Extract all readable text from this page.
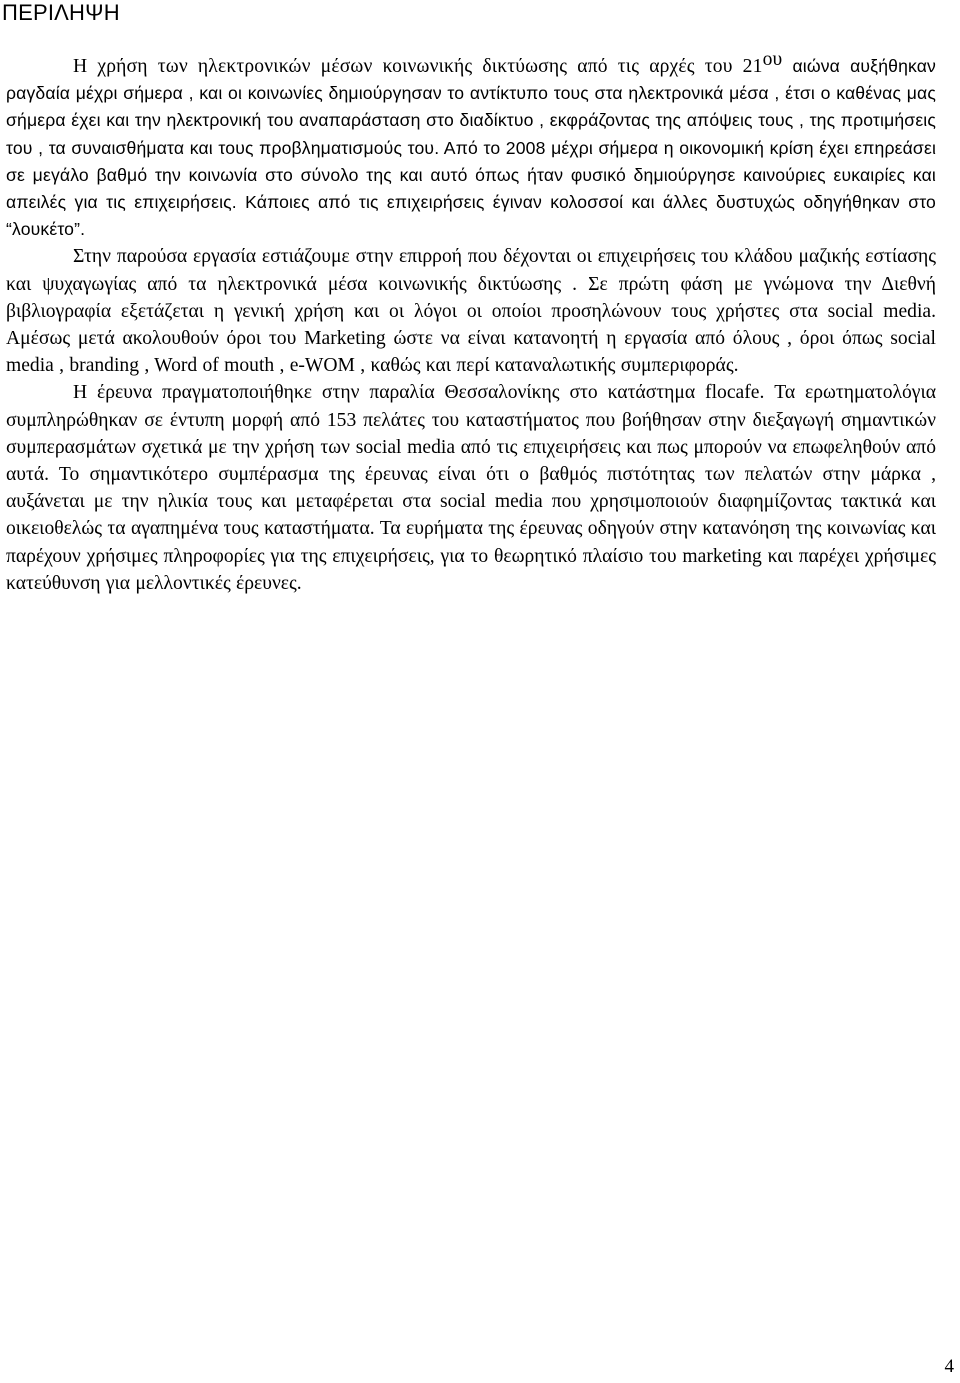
ΠΕΡΙΛΗΨΗ

Η χρήση των ηλεκτρονικών μέσων κοινωνικής δικτύωσης από τις αρχές του 21ου αιώνα αυξήθηκαν ραγδαία μέχρι σήμερα , και οι κοινωνίες δημιούργησαν το αντίκτυπο τους στα ηλεκτρονικά μέσα , έτσι ο καθένας μας σήμερα έχει και την ηλεκτρονική του αναπαράσταση στο διαδίκτυο , εκφράζοντας της απόψεις τους , της προτιμήσεις του , τα συναισθήματα και τους προβληματισμούς του. Από το 2008 μέχρι σήμερα η οικονομική κρίση έχει επηρεάσει σε μεγάλο βαθμό την κοινωνία στο σύνολο της και αυτό όπως ήταν φυσικό δημιούργησε καινούριες ευκαιρίες και απειλές για τις επιχειρήσεις. Κάποιες από τις επιχειρήσεις έγιναν κολοσσοί και άλλες δυστυχώς οδηγήθηκαν στο “λουκέτο”.

Στην παρούσα εργασία εστιάζουμε στην επιρροή που δέχονται οι επιχειρήσεις του κλάδου μαζικής εστίασης και ψυχαγωγίας από τα ηλεκτρονικά μέσα κοινωνικής δικτύωσης . Σε πρώτη φάση με γνώμονα την Διεθνή βιβλιογραφία εξετάζεται η γενική χρήση και οι λόγοι οι οποίοι προσηλώνουν τους χρήστες στα social media. Αμέσως μετά ακολουθούν όροι του Marketing ώστε να είναι κατανοητή η εργασία από όλους , όροι όπως social media , branding , Word of mouth , e-WOM , καθώς και περί καταναλωτικής συμπεριφοράς.

Η έρευνα πραγματοποιήθηκε στην παραλία Θεσσαλονίκης στο κατάστημα flocafe. Τα ερωτηματολόγια συμπληρώθηκαν σε έντυπη μορφή από 153 πελάτες του καταστήματος που βοήθησαν στην διεξαγωγή σημαντικών συμπερασμάτων σχετικά με την χρήση των social media από τις επιχειρήσεις και πως μπορούν να επωφεληθούν από αυτά. Το σημαντικότερο συμπέρασμα της έρευνας είναι ότι ο βαθμός πιστότητας των πελατών στην μάρκα , αυξάνεται με την ηλικία τους και μεταφέρεται στα social media που χρησιμοποιούν διαφημίζοντας τακτικά και οικειοθελώς τα αγαπημένα τους καταστήματα. Τα ευρήματα της έρευνας οδηγούν στην κατανόηση της κοινωνίας και παρέχουν χρήσιμες πληροφορίες για της επιχειρήσεις, για το θεωρητικό πλαίσιο του marketing και παρέχει χρήσιμες κατεύθυνση για μελλοντικές έρευνες.

4
